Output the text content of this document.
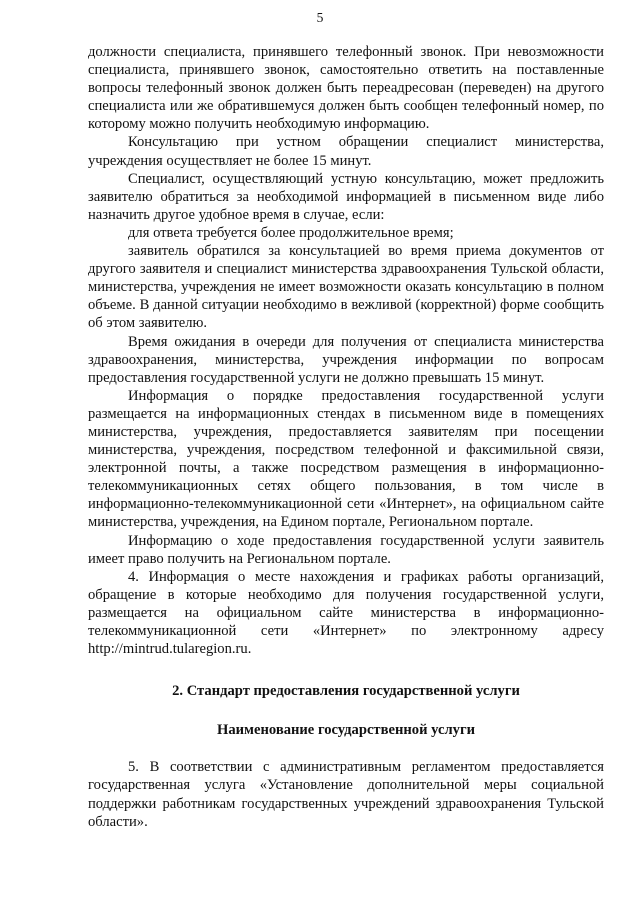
5

должности специалиста, принявшего телефонный звонок. При невозможности специалиста, принявшего звонок, самостоятельно ответить на поставленные вопросы телефонный звонок должен быть переадресован (переведен) на другого специалиста или же обратившемуся должен быть сообщен телефонный номер, по которому можно получить необходимую информацию.

Консультацию при устном обращении специалист министерства, учреждения осуществляет не более 15 минут.

Специалист, осуществляющий устную консультацию, может предложить заявителю обратиться за необходимой информацией в письменном виде либо назначить другое удобное время в случае, если:

для ответа требуется более продолжительное время;

заявитель обратился за консультацией во время приема документов от другого заявителя и специалист министерства здравоохранения Тульской области, министерства, учреждения не имеет возможности оказать консультацию в полном объеме. В данной ситуации необходимо в вежливой (корректной) форме сообщить об этом заявителю.

Время ожидания в очереди для получения от специалиста министерства здравоохранения, министерства, учреждения информации по вопросам предоставления государственной услуги не должно превышать 15 минут.

Информация о порядке предоставления государственной услуги размещается на информационных стендах в письменном виде в помещениях министерства, учреждения, предоставляется заявителям при посещении министерства, учреждения, посредством телефонной и факсимильной связи, электронной почты, а также посредством размещения в информационно-телекоммуникационных сетях общего пользования, в том числе в информационно-телекоммуникационной сети «Интернет», на официальном сайте министерства, учреждения, на Едином портале, Региональном портале.

Информацию о ходе предоставления государственной услуги заявитель имеет право получить на Региональном портале.

4. Информация о месте нахождения и графиках работы организаций, обращение в которые необходимо для получения государственной услуги, размещается на официальном сайте министерства в информационно-телекоммуникационной сети «Интернет» по электронному адресу http://mintrud.tularegion.ru.

2. Стандарт предоставления государственной услуги

Наименование государственной услуги

5. В соответствии с административным регламентом предоставляется государственная услуга «Установление дополнительной меры социальной поддержки работникам государственных учреждений здравоохранения Тульской области».
